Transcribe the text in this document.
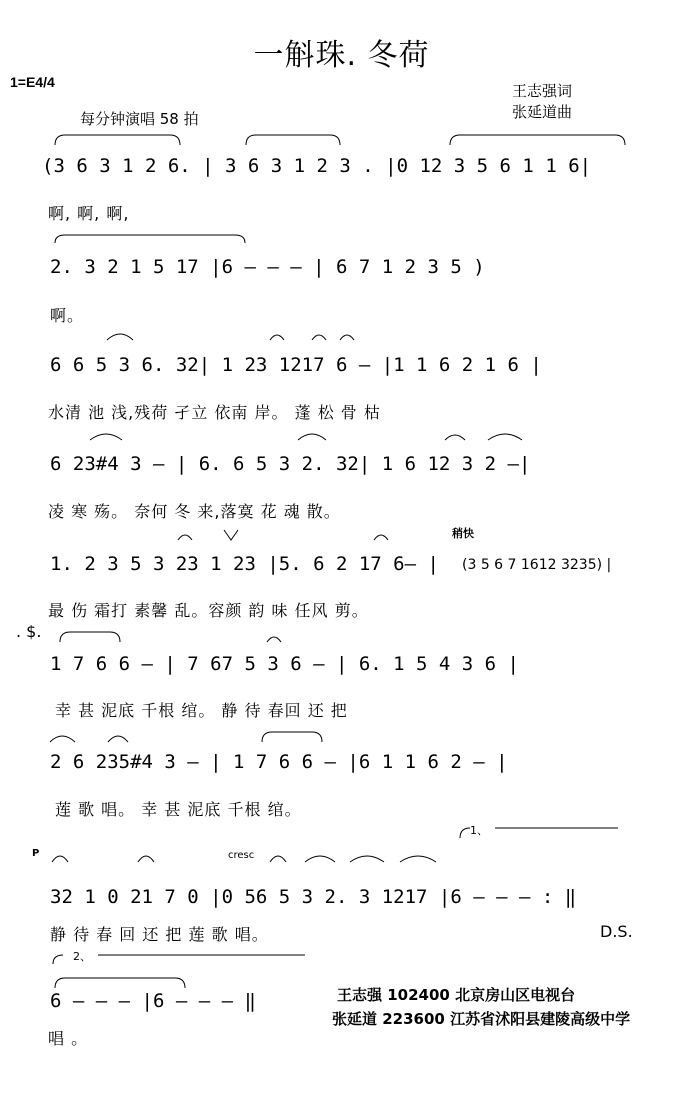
一斛珠. 冬荷
1=E4/4	王志强词
张延道曲
每分钟演唱 58 拍
(3 6 3 1 2 6. | 3 6 3 1 2 3 . |0 12 3 5 6 1 1 6|
啊, 啊, 啊,
2. 3 2 1 5 17 |6 — — — | 6 7 1 2 3 5 )
啊。
6 6 5 3 6. 32| 1 23 1217 6 — |1 1 6 2 1 6 |
水清 池 浅,残荷 孑立 依南 岸。 蓬 松 骨 枯
6 23#4 3 — | 6. 6 5 3 2. 32| 1 6 12 3 2 —|
凌 寒 殇。 奈何 冬 来,落寞 花 魂 散。
稍快
1. 2 3 5 3 23 1 23 |5. 6 2 17 6— | (3 5 6 7 1612 3235) |
最 伤 霜打 素馨 乱。容颜 韵 味 任风 剪。
. $.
1 7 6 6 — | 7 67 5 3 6 — | 6. 1 5 4 3 6 |
幸 甚 泥底 千根 绾。 静 待 春回 还 把
2 6 235#4 3 — | 1 7 6 6 — |6 1 1 6 2 — |
莲 歌 唱。 幸 甚 泥底 千根 绾。
1、
P	cresc
32 1 0 21 7 0 |0 56 5 3 2. 3 1217 |6 — — — : ‖
静 待 春 回 还 把 莲 歌 唱。	D.S.
2、
6 — — — |6 — — — ‖
唱 。
王志强 102400 北京房山区电视台
张延道 223600 江苏省沭阳县建陵高级中学
